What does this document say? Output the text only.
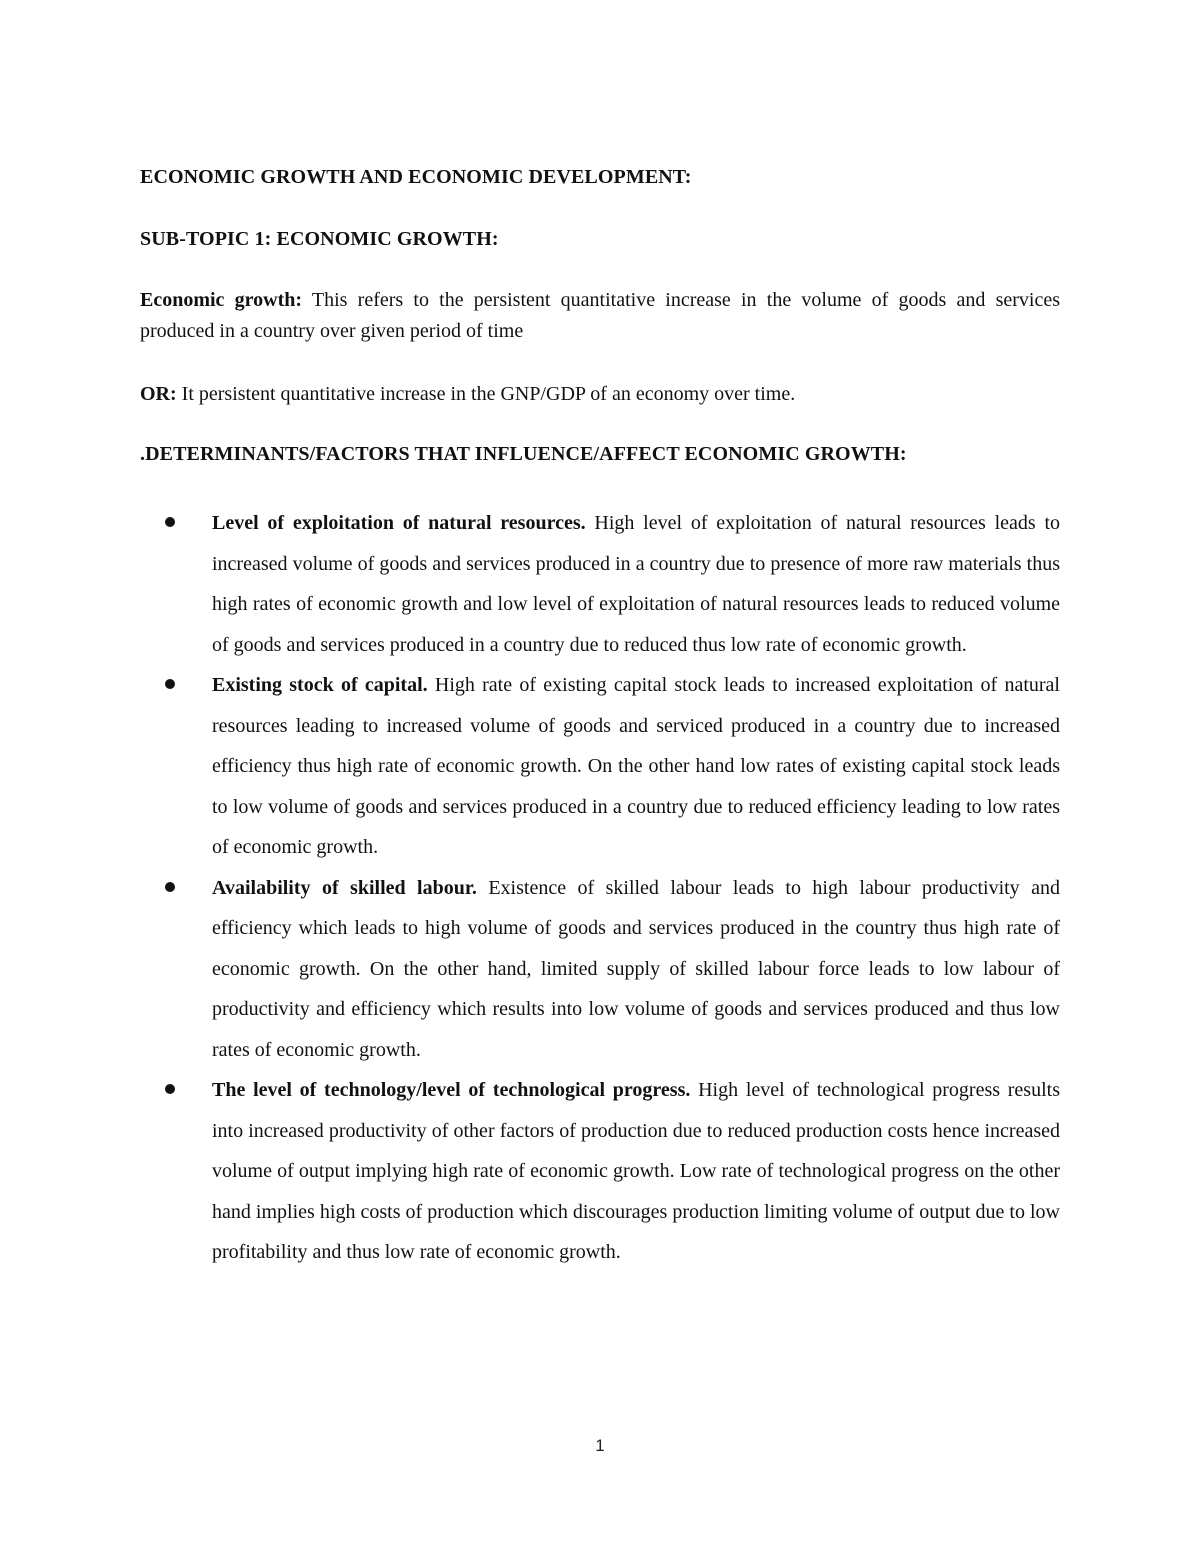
ECONOMIC GROWTH AND ECONOMIC DEVELOPMENT:
SUB-TOPIC 1: ECONOMIC GROWTH:
Economic growth: This refers to the persistent quantitative increase in the volume of goods and services produced in a country over given period of time
OR: It persistent quantitative increase in the GNP/GDP of an economy over time.
.DETERMINANTS/FACTORS THAT INFLUENCE/AFFECT ECONOMIC GROWTH:
Level of exploitation of natural resources. High level of exploitation of natural resources leads to increased volume of goods and services produced in a country due to presence of more raw materials thus high rates of economic growth and low level of exploitation of natural resources leads to reduced volume of goods and services produced in a country due to reduced thus low rate of economic growth.
Existing stock of capital. High rate of existing capital stock leads to increased exploitation of natural resources leading to increased volume of goods and serviced produced in a country due to increased efficiency thus high rate of economic growth. On the other hand low rates of existing capital stock leads to low volume of goods and services produced in a country due to reduced efficiency leading to low rates of economic growth.
Availability of skilled labour. Existence of skilled labour leads to high labour productivity and efficiency which leads to high volume of goods and services produced in the country thus high rate of economic growth. On the other hand, limited supply of skilled labour force leads to low labour of productivity and efficiency which results into low volume of goods and services produced and thus low rates of economic growth.
The level of technology/level of technological progress. High level of technological progress results into increased productivity of other factors of production due to reduced production costs hence increased volume of output implying high rate of economic growth. Low rate of technological progress on the other hand implies high costs of production which discourages production limiting volume of output due to low profitability and thus low rate of economic growth.
1
